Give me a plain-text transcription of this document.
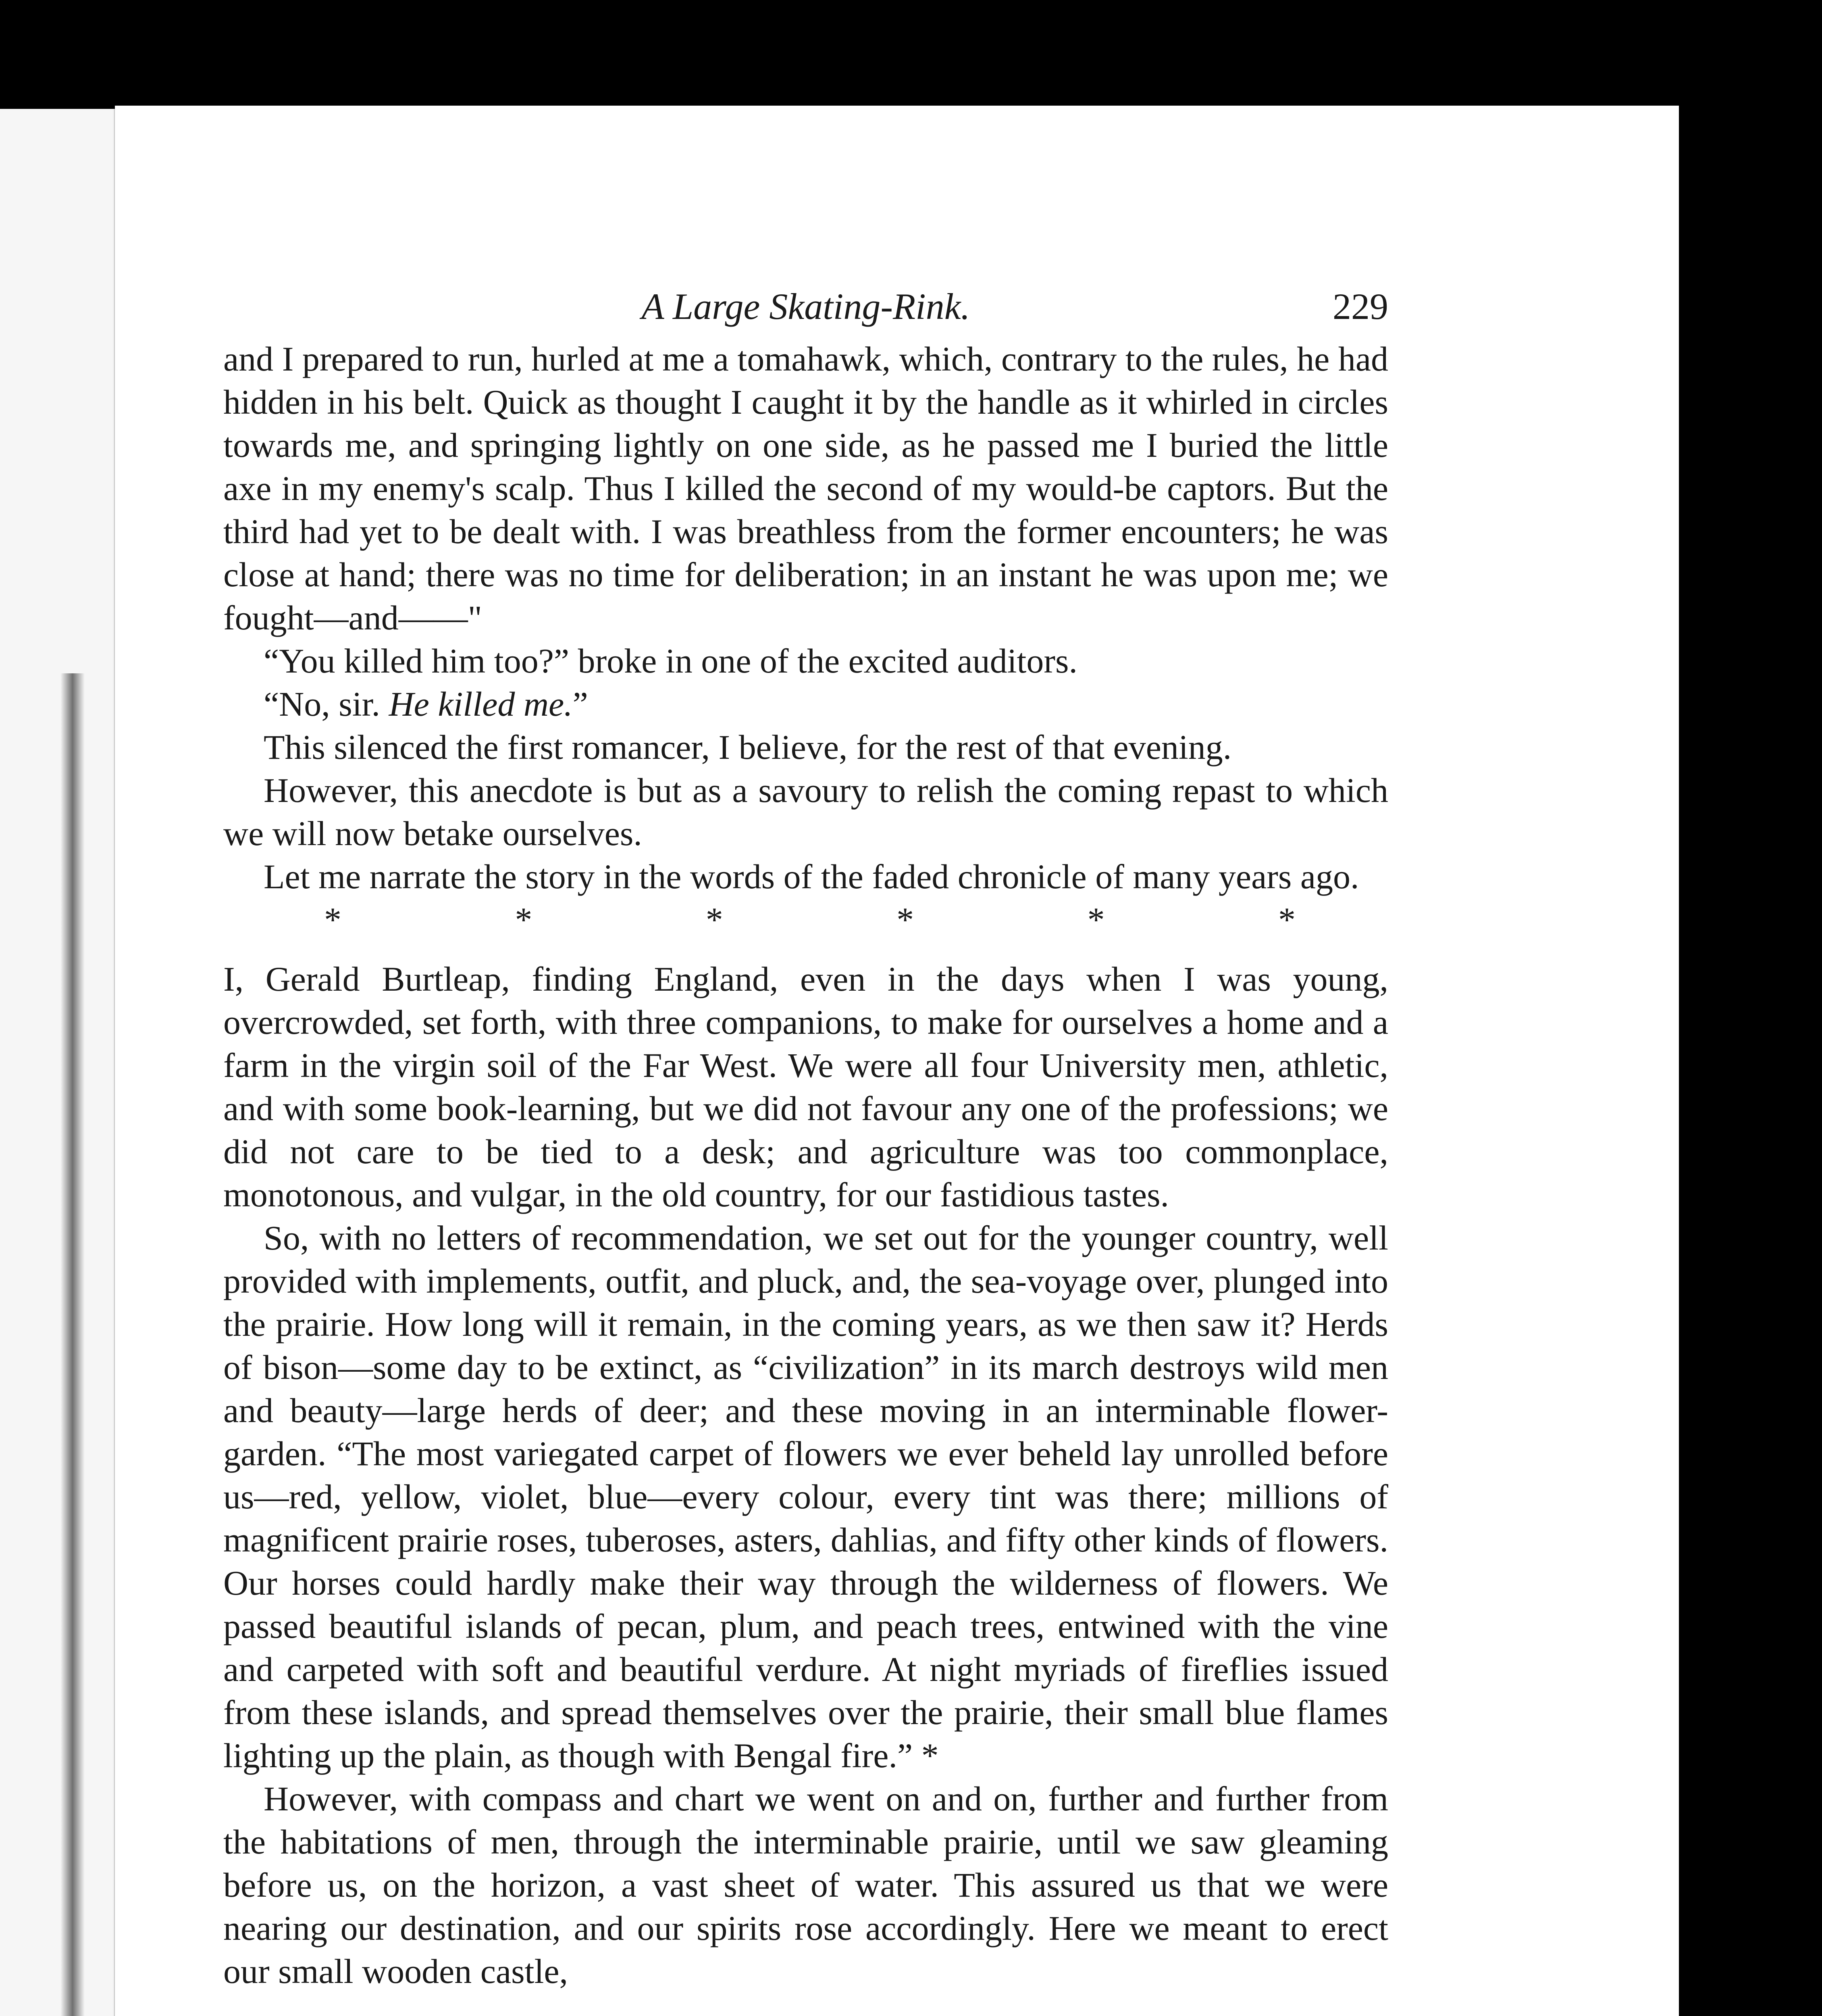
A Large Skating-Rink.	229

and I prepared to run, hurled at me a tomahawk, which, contrary to the rules, he had hidden in his belt. Quick as thought I caught it by the handle as it whirled in circles towards me, and springing lightly on one side, as he passed me I buried the little axe in my enemy's scalp. Thus I killed the second of my would-be captors. But the third had yet to be dealt with. I was breathless from the former encounters; he was close at hand; there was no time for deliberation; in an instant he was upon me; we fought—and——"

“You killed him too?” broke in one of the excited auditors.

“No, sir. He killed me.”

This silenced the first romancer, I believe, for the rest of that evening.

However, this anecdote is but as a savoury to relish the coming repast to which we will now betake ourselves.

Let me narrate the story in the words of the faded chronicle of many years ago.

*	*	*	*	*	*

I, Gerald Burtleap, finding England, even in the days when I was young, overcrowded, set forth, with three companions, to make for ourselves a home and a farm in the virgin soil of the Far West. We were all four University men, athletic, and with some book-learning, but we did not favour any one of the professions; we did not care to be tied to a desk; and agriculture was too commonplace, monotonous, and vulgar, in the old country, for our fastidious tastes.

So, with no letters of recommendation, we set out for the younger country, well provided with implements, outfit, and pluck, and, the sea-voyage over, plunged into the prairie. How long will it remain, in the coming years, as we then saw it? Herds of bison—some day to be extinct, as “civilization” in its march destroys wild men and beauty—large herds of deer; and these moving in an interminable flower-garden. “The most variegated carpet of flowers we ever beheld lay unrolled before us—red, yellow, violet, blue—every colour, every tint was there; millions of magnificent prairie roses, tuberoses, asters, dahlias, and fifty other kinds of flowers. Our horses could hardly make their way through the wilderness of flowers. We passed beautiful islands of pecan, plum, and peach trees, entwined with the vine and carpeted with soft and beautiful verdure. At night myriads of fireflies issued from these islands, and spread themselves over the prairie, their small blue flames lighting up the plain, as though with Bengal fire.” *

However, with compass and chart we went on and on, further and further from the habitations of men, through the interminable prairie, until we saw gleaming before us, on the horizon, a vast sheet of water. This assured us that we were nearing our destination, and our spirits rose accordingly. Here we meant to erect our small wooden castle,
